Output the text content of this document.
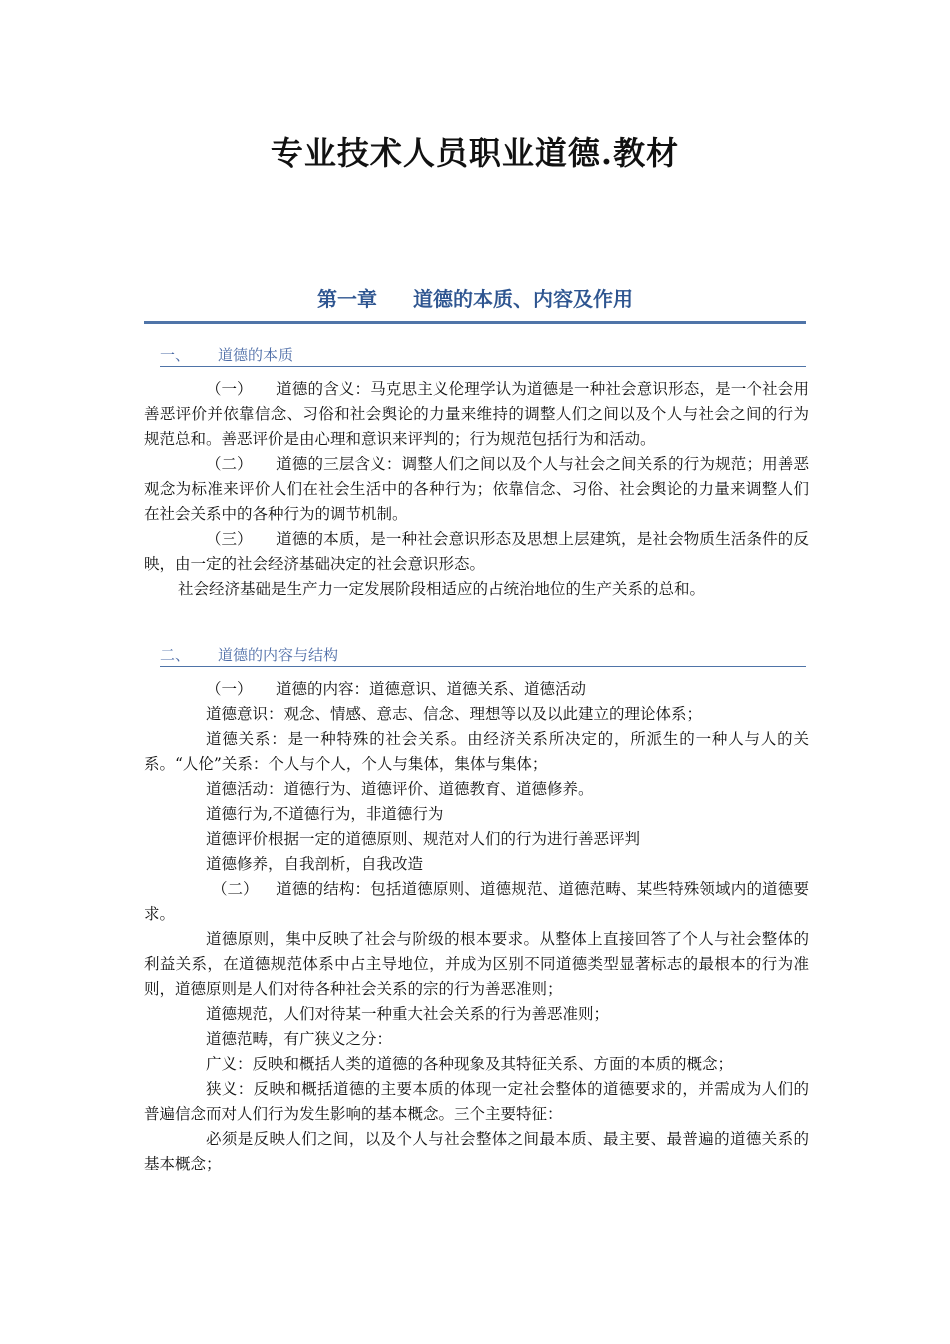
专业技术人员职业道德.教材
第一章 道德的本质、内容及作用
一、 道德的本质

（一） 道德的含义：马克思主义伦理学认为道德是一种社会意识形态，是一个社会用善恶评价并依靠信念、习俗和社会舆论的力量来维持的调整人们之间以及个人与社会之间的行为规范总和。善恶评价是由心理和意识来评判的；行为规范包括行为和活动。

（二） 道德的三层含义：调整人们之间以及个人与社会之间关系的行为规范；用善恶观念为标准来评价人们在社会生活中的各种行为；依靠信念、习俗、社会舆论的力量来调整人们在社会关系中的各种行为的调节机制。

（三） 道德的本质，是一种社会意识形态及思想上层建筑，是社会物质生活条件的反映，由一定的社会经济基础决定的社会意识形态。

社会经济基础是生产力一定发展阶段相适应的占统治地位的生产关系的总和。

二、 道德的内容与结构

（一） 道德的内容：道德意识、道德关系、道德活动

道德意识：观念、情感、意志、信念、理想等以及以此建立的理论体系；

道德关系：是一种特殊的社会关系。由经济关系所决定的，所派生的一种人与人的关系。“人伦”关系：个人与个人，个人与集体，集体与集体；

道德活动：道德行为、道德评价、道德教育、道德修养。

道德行为,不道德行为，非道德行为

道德评价根据一定的道德原则、规范对人们的行为进行善恶评判

道德修养，自我剖析，自我改造

（二） 道德的结构：包括道德原则、道德规范、道德范畴、某些特殊领域内的道德要求。

道德原则，集中反映了社会与阶级的根本要求。从整体上直接回答了个人与社会整体的利益关系，在道德规范体系中占主导地位，并成为区别不同道德类型显著标志的最根本的行为准则，道德原则是人们对待各种社会关系的宗的行为善恶准则；

道德规范，人们对待某一种重大社会关系的行为善恶准则；

道德范畴，有广狭义之分：

广义：反映和概括人类的道德的各种现象及其特征关系、方面的本质的概念；

狭义：反映和概括道德的主要本质的体现一定社会整体的道德要求的，并需成为人们的普遍信念而对人们行为发生影响的基本概念。三个主要特征：

必须是反映人们之间，以及个人与社会整体之间最本质、最主要、最普遍的道德关系的基本概念；
